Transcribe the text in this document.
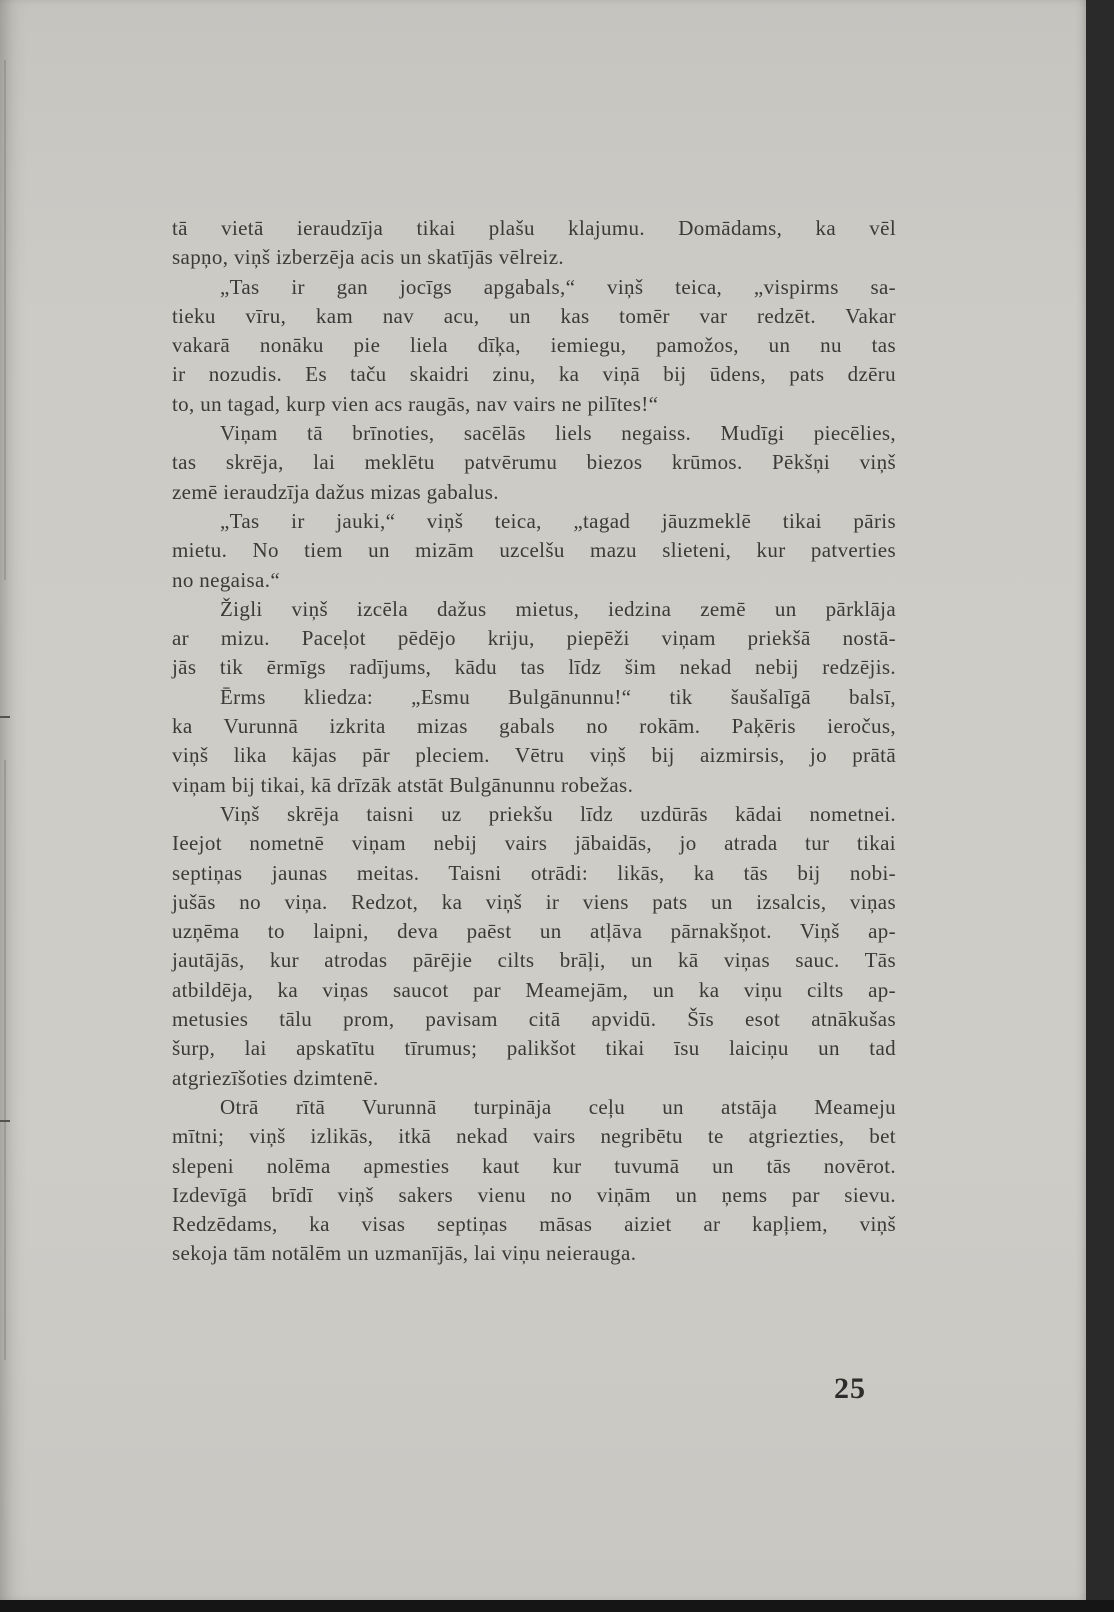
tā vietā ieraudzīja tikai plašu klajumu. Domādams, ka vēl
sapņo, viņš izberzēja acis un skatījās vēlreiz.
„Tas ir gan jocīgs apgabals,“ viņš teica, „vispirms sa-
tieku vīru, kam nav acu, un kas tomēr var redzēt. Vakar
vakarā nonāku pie liela dīķa, iemiegu, pamožos, un nu tas
ir nozudis. Es taču skaidri zinu, ka viņā bij ūdens, pats dzēru
to, un tagad, kurp vien acs raugās, nav vairs ne pilītes!“
Viņam tā brīnoties, sacēlās liels negaiss. Mudīgi piecēlies,
tas skrēja, lai meklētu patvērumu biezos krūmos. Pēkšņi viņš
zemē ieraudzīja dažus mizas gabalus.
„Tas ir jauki,“ viņš teica, „tagad jāuzmeklē tikai pāris
mietu. No tiem un mizām uzcelšu mazu slieteni, kur patverties
no negaisa.“
Žigli viņš izcēla dažus mietus, iedzina zemē un pārklāja
ar mizu. Paceļot pēdējo kriju, piepēži viņam priekšā nostā-
jās tik ērmīgs radījums, kādu tas līdz šim nekad nebij redzējis.
Ērms kliedza: „Esmu Bulgānunnu!“ tik šaušalīgā balsī,
ka Vurunnā izkrita mizas gabals no rokām. Paķēris ieročus,
viņš lika kājas pār pleciem. Vētru viņš bij aizmirsis, jo prātā
viņam bij tikai, kā drīzāk atstāt Bulgānunnu robežas.
Viņš skrēja taisni uz priekšu līdz uzdūrās kādai nometnei.
Ieejot nometnē viņam nebij vairs jābaidās, jo atrada tur tikai
septiņas jaunas meitas. Taisni otrādi: likās, ka tās bij nobi-
jušās no viņa. Redzot, ka viņš ir viens pats un izsalcis, viņas
uzņēma to laipni, deva paēst un atļāva pārnakšņot. Viņš ap-
jautājās, kur atrodas pārējie cilts brāļi, un kā viņas sauc. Tās
atbildēja, ka viņas saucot par Meamejām, un ka viņu cilts ap-
metusies tālu prom, pavisam citā apvidū. Šīs esot atnākušas
šurp, lai apskatītu tīrumus; palikšot tikai īsu laiciņu un tad
atgriezīšoties dzimtenē.
Otrā rītā Vurunnā turpināja ceļu un atstāja Meameju
mītni; viņš izlikās, itkā nekad vairs negribētu te atgriezties, bet
slepeni nolēma apmesties kaut kur tuvumā un tās novērot.
Izdevīgā brīdī viņš sakers vienu no viņām un ņems par sievu.
Redzēdams, ka visas septiņas māsas aiziet ar kapļiem, viņš
sekoja tām notālēm un uzmanījās, lai viņu neierauga.
25
